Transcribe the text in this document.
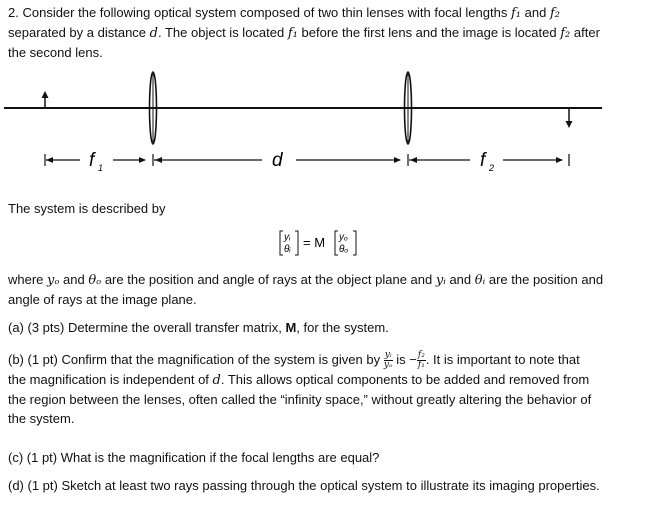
2. Consider the following optical system composed of two thin lenses with focal lengths f₁ and f₂
separated by a distance d. The object is located f₁ before the first lens and the image is located f₂ after
the second lens.

f 1	d	f 2

The system is described by

yᵢ
θᵢ = M yₒ
θₒ

where yₒ and θₒ are the position and angle of rays at the object plane and yᵢ and θᵢ are the position and
angle of rays at the image plane.

(a) (3 pts) Determine the overall transfer matrix, M, for the system.

(b) (1 pt) Confirm that the magnification of the system is given by $\frac{\text{yᵢ}}{\text{yₒ}}$ is − $\frac{\text{f₂}}{\text{f₁}}$ . It is important to note that
the magnification is independent of d. This allows optical components to be added and removed from
the region between the lenses, often called the “infinity space,” without greatly altering the behavior of
the system.

(c) (1 pt) What is the magnification if the focal lengths are equal?

(d) (1 pt) Sketch at least two rays passing through the optical system to illustrate its imaging properties.
